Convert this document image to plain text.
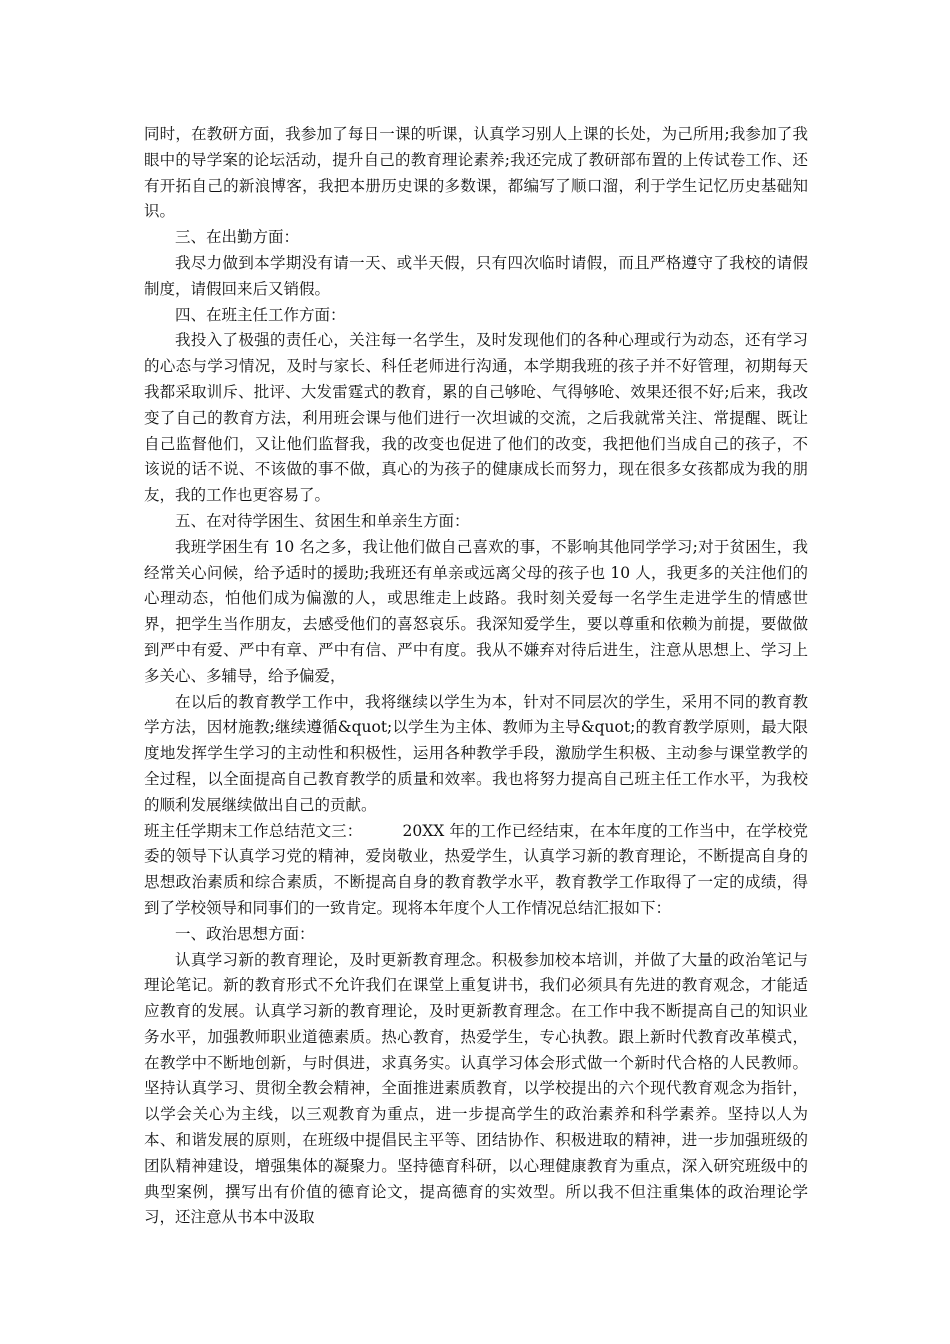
同时，在教研方面，我参加了每日一课的听课，认真学习别人上课的长处，为己所用;我参加了我眼中的导学案的论坛活动，提升自己的教育理论素养;我还完成了教研部布置的上传试卷工作、还有开拓自己的新浪博客，我把本册历史课的多数课，都编写了顺口溜，利于学生记忆历史基础知识。

三、在出勤方面：

我尽力做到本学期没有请一天、或半天假，只有四次临时请假，而且严格遵守了我校的请假制度，请假回来后又销假。

四、在班主任工作方面：

我投入了极强的责任心，关注每一名学生，及时发现他们的各种心理或行为动态，还有学习的心态与学习情况，及时与家长、科任老师进行沟通，本学期我班的孩子并不好管理，初期每天我都采取训斥、批评、大发雷霆式的教育，累的自己够呛、气得够呛、效果还很不好;后来，我改变了自己的教育方法，利用班会课与他们进行一次坦诚的交流，之后我就常关注、常提醒、既让自己监督他们，又让他们监督我，我的改变也促进了他们的改变，我把他们当成自己的孩子，不该说的话不说、不该做的事不做，真心的为孩子的健康成长而努力，现在很多女孩都成为我的朋友，我的工作也更容易了。

五、在对待学困生、贫困生和单亲生方面：

我班学困生有 10 名之多，我让他们做自己喜欢的事，不影响其他同学学习;对于贫困生，我经常关心问候，给予适时的援助;我班还有单亲或远离父母的孩子也 10 人，我更多的关注他们的心理动态，怕他们成为偏激的人，或思维走上歧路。我时刻关爱每一名学生走进学生的情感世界，把学生当作朋友，去感受他们的喜怒哀乐。我深知爱学生，要以尊重和依赖为前提，要做做到严中有爱、严中有章、严中有信、严中有度。我从不嫌弃对待后进生，注意从思想上、学习上多关心、多辅导，给予偏爱，

在以后的教育教学工作中，我将继续以学生为本，针对不同层次的学生，采用不同的教育教学方法，因材施教;继续遵循&quot;以学生为主体、教师为主导&quot;的教育教学原则，最大限度地发挥学生学习的主动性和积极性，运用各种教学手段，激励学生积极、主动参与课堂教学的全过程，以全面提高自己教育教学的质量和效率。我也将努力提高自己班主任工作水平，为我校的顺利发展继续做出自己的贡献。

班主任学期末工作总结范文三：        20XX 年的工作已经结束，在本年度的工作当中，在学校党委的领导下认真学习党的精神，爱岗敬业，热爱学生，认真学习新的教育理论，不断提高自身的思想政治素质和综合素质，不断提高自身的教育教学水平，教育教学工作取得了一定的成绩，得到了学校领导和同事们的一致肯定。现将本年度个人工作情况总结汇报如下：

一、政治思想方面：

认真学习新的教育理论，及时更新教育理念。积极参加校本培训，并做了大量的政治笔记与理论笔记。新的教育形式不允许我们在课堂上重复讲书，我们必须具有先进的教育观念，才能适应教育的发展。认真学习新的教育理论，及时更新教育理念。在工作中我不断提高自己的知识业务水平，加强教师职业道德素质。热心教育，热爱学生，专心执教。跟上新时代教育改革模式，在教学中不断地创新，与时俱进，求真务实。认真学习体会形式做一个新时代合格的人民教师。坚持认真学习、贯彻全教会精神，全面推进素质教育，以学校提出的六个现代教育观念为指针，以学会关心为主线，以三观教育为重点，进一步提高学生的政治素养和科学素养。坚持以人为本、和谐发展的原则，在班级中提倡民主平等、团结协作、积极进取的精神，进一步加强班级的团队精神建设，增强集体的凝聚力。坚持德育科研，以心理健康教育为重点，深入研究班级中的典型案例，撰写出有价值的德育论文，提高德育的实效型。所以我不但注重集体的政治理论学习，还注意从书本中汲取
